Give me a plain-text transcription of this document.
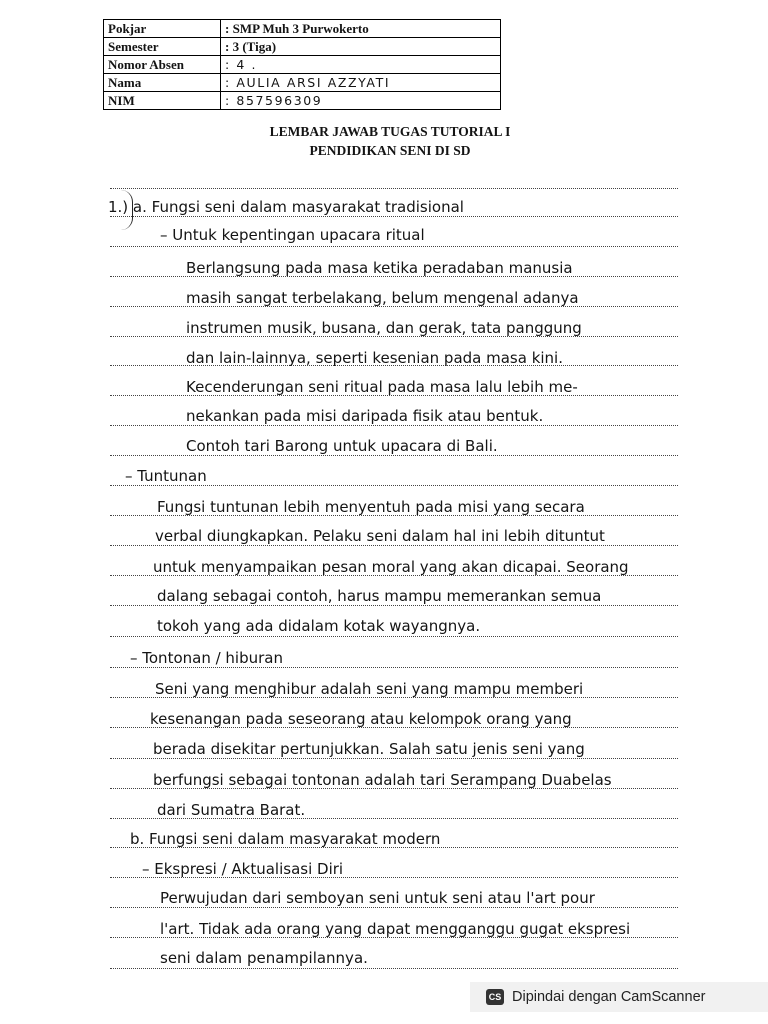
Pokjar	: SMP Muh 3 Purwokerto
Semester	: 3 (Tiga)
Nomor Absen	: 4 .
Nama	: AULIA ARSI AZZYATI
NIM	: 857596309
LEMBAR JAWAB TUGAS TUTORIAL I
PENDIDIKAN SENI DI SD
1.) a. Fungsi seni dalam masyarakat tradisional
– Untuk kepentingan upacara ritual
Berlangsung pada masa ketika peradaban manusia
masih sangat terbelakang, belum mengenal adanya
instrumen musik, busana, dan gerak, tata panggung
dan lain-lainnya, seperti kesenian pada masa kini.
Kecenderungan seni ritual pada masa lalu lebih me-
nekankan pada misi daripada fisik atau bentuk.
Contoh tari Barong untuk upacara di Bali.
– Tuntunan
Fungsi tuntunan lebih menyentuh pada misi yang secara
verbal diungkapkan. Pelaku seni dalam hal ini lebih dituntut
untuk menyampaikan pesan moral yang akan dicapai. Seorang
dalang sebagai contoh, harus mampu memerankan semua
tokoh yang ada didalam kotak wayangnya.
– Tontonan / hiburan
Seni yang menghibur adalah seni yang mampu memberi
kesenangan pada seseorang atau kelompok orang yang
berada disekitar pertunjukkan. Salah satu jenis seni yang
berfungsi sebagai tontonan adalah tari Serampang Duabelas
dari Sumatra Barat.
b. Fungsi seni dalam masyarakat modern
– Ekspresi / Aktualisasi Diri
Perwujudan dari semboyan seni untuk seni atau l'art pour
l'art. Tidak ada orang yang dapat mengganggu gugat ekspresi
seni dalam penampilannya.
CS Dipindai dengan CamScanner
